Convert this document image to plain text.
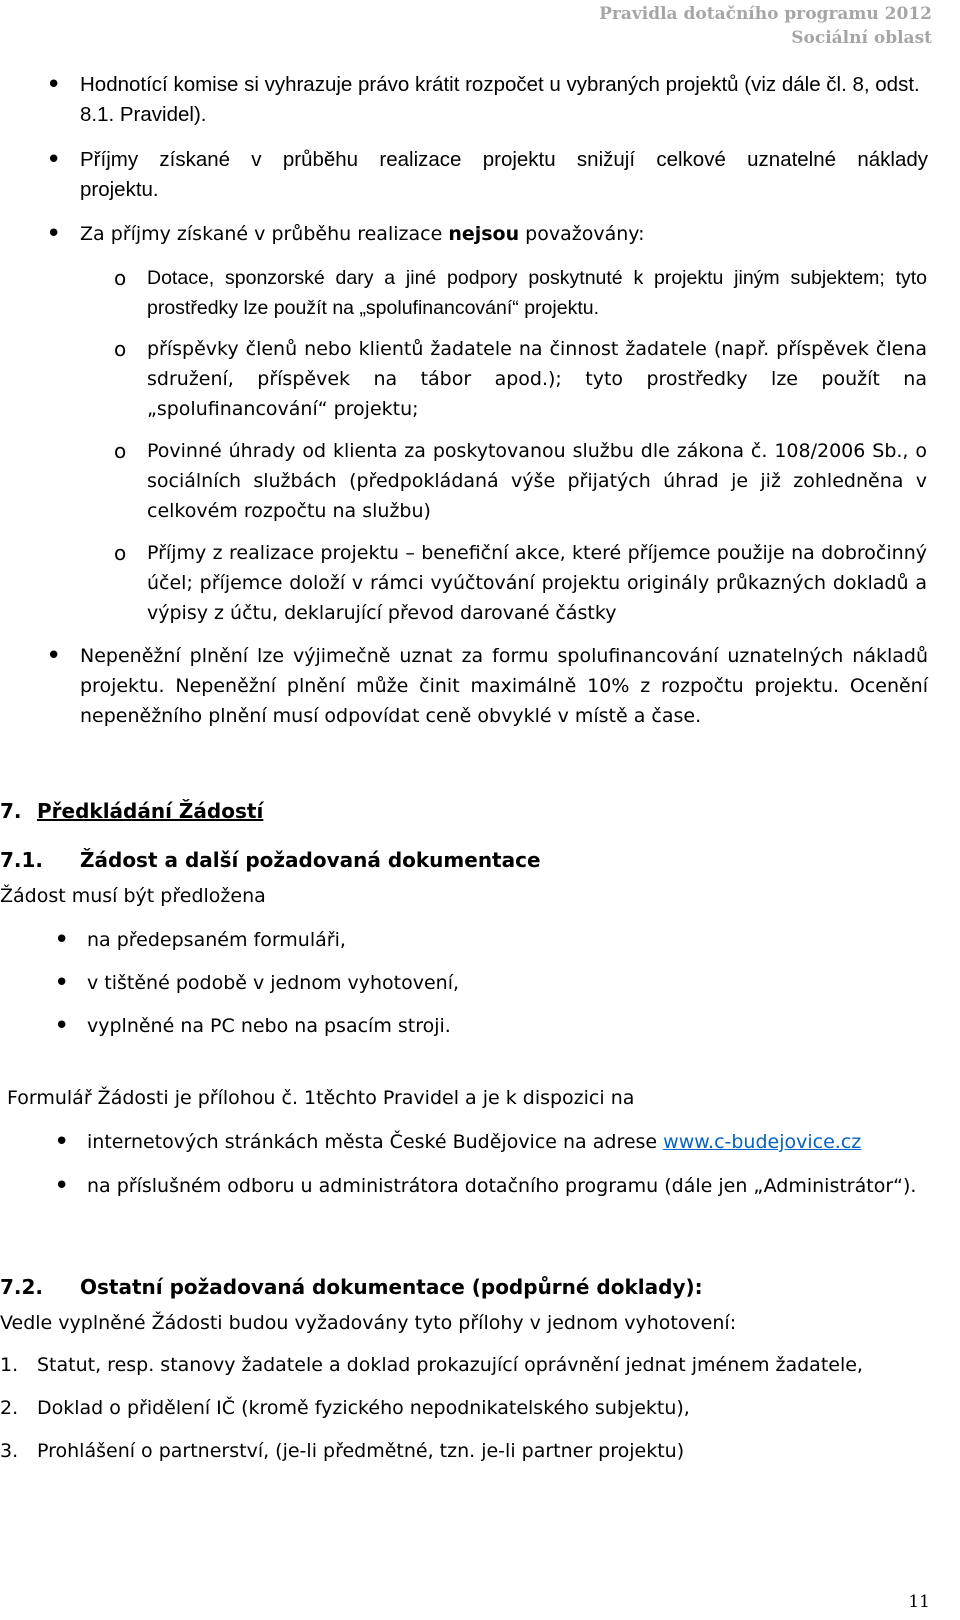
Pravidla dotačního programu 2012
Sociální oblast
• Hodnotící komise si vyhrazuje právo krátit rozpočet u vybraných projektů (viz dále čl. 8, odst. 8.1. Pravidel).
• Příjmy získané v průběhu realizace projektu snižují celkové uznatelné náklady projektu.
• Za příjmy získané v průběhu realizace nejsou považovány:
o Dotace, sponzorské dary a jiné podpory poskytnuté k projektu jiným subjektem; tyto prostředky lze použít na „spolufinancování“ projektu.
o příspěvky členů nebo klientů žadatele na činnost žadatele (např. příspěvek člena sdružení, příspěvek na tábor apod.); tyto prostředky lze použít na „spolufinancování“ projektu;
o Povinné úhrady od klienta za poskytovanou službu dle zákona č. 108/2006 Sb., o sociálních službách (předpokládaná výše přijatých úhrad je již zohledněna v celkovém rozpočtu na službu)
o Příjmy z realizace projektu – benefiční akce, které příjemce použije na dobročinný účel; příjemce doloží v rámci vyúčtování projektu originály průkazných dokladů a výpisy z účtu, deklarující převod darované částky
• Nepeněžní plnění lze výjimečně uznat za formu spolufinancování uznatelných nákladů projektu. Nepeněžní plnění může činit maximálně 10% z rozpočtu projektu. Ocenění nepeněžního plnění musí odpovídat ceně obvyklé v místě a čase.
7. Předkládání Žádostí
7.1. Žádost a další požadovaná dokumentace
Žádost musí být předložena
• na předepsaném formuláři,
• v tištěné podobě v jednom vyhotovení,
• vyplněné na PC nebo na psacím stroji.
Formulář Žádosti je přílohou č. 1těchto Pravidel a je k dispozici na
• internetových stránkách města České Budějovice na adrese www.c-budejovice.cz
• na příslušném odboru u administrátora dotačního programu (dále jen „Administrátor“).
7.2. Ostatní požadovaná dokumentace (podpůrné doklady):
Vedle vyplněné Žádosti budou vyžadovány tyto přílohy v jednom vyhotovení:
1. Statut, resp. stanovy žadatele a doklad prokazující oprávnění jednat jménem žadatele,
2. Doklad o přidělení IČ (kromě fyzického nepodnikatelského subjektu),
3. Prohlášení o partnerství, (je-li předmětné, tzn. je-li partner projektu)
11
